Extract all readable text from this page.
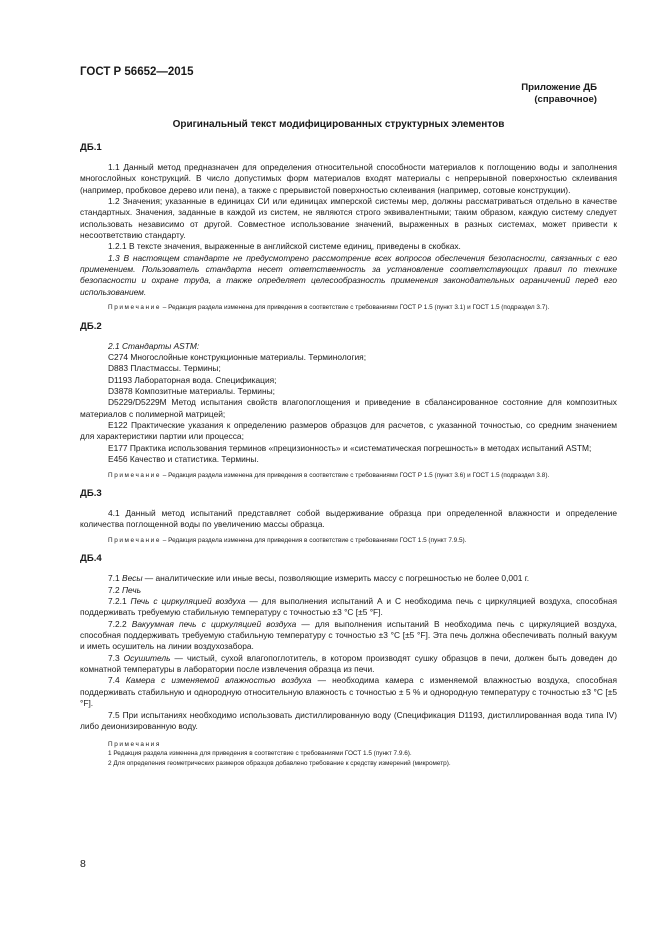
ГОСТ Р 56652—2015
Приложение ДБ
(справочное)
Оригинальный текст модифицированных структурных элементов
ДБ.1

1.1 Данный метод предназначен для определения относительной способности материалов к поглощению воды и заполнения многослойных конструкций. В число допустимых форм материалов входят материалы с непрерывной поверхностью склеивания (например, пробковое дерево или пена), а также с прерывистой поверхностью склеивания (например, сотовые конструкции).

1.2 Значения; указанные в единицах СИ или единицах имперской системы мер, должны рассматриваться отдельно в качестве стандартных. Значения, заданные в каждой из систем, не являются строго эквивалентными; таким образом, каждую систему следует использовать независимо от другой. Совместное использование значений, выраженных в разных системах, может привести к несоответствию стандарту.

1.2.1 В тексте значения, выраженные в английской системе единиц, приведены в скобках.

1.3 В настоящем стандарте не предусмотрено рассмотрение всех вопросов обеспечения безопасности, связанных с его применением. Пользователь стандарта несет ответственность за установление соответствующих правил по технике безопасности и охране труда, а также определяет целесообразность применения законодательных ограничений перед его использованием.

Примечание – Редакция раздела изменена для приведения в соответствие с требованиями ГОСТ Р 1.5 (пункт 3.1) и ГОСТ 1.5 (подраздел 3.7).

ДБ.2

2.1 Стандарты ASTM:

C274 Многослойные конструкционные материалы. Терминология;

D883 Пластмассы. Термины;

D1193 Лабораторная вода. Спецификация;

D3878 Композитные материалы. Термины;

D5229/D5229M Метод испытания свойств влагопоглощения и приведение в сбалансированное состояние для композитных материалов с полимерной матрицей;

E122 Практические указания к определению размеров образцов для расчетов, с указанной точностью, со средним значением для характеристики партии или процесса;

E177 Практика использования терминов «прецизионность» и «систематическая погрешность» в методах испытаний ASTM;

E456 Качество и статистика. Термины.

Примечание – Редакция раздела изменена для приведения в соответствие с требованиями ГОСТ Р 1.5 (пункт 3.6) и ГОСТ 1.5 (подраздел 3.8).

ДБ.3

4.1 Данный метод испытаний представляет собой выдерживание образца при определенной влажности и определение количества поглощенной воды по увеличению массы образца.

Примечание – Редакция раздела изменена для приведения в соответствие с требованиями ГОСТ 1.5 (пункт 7.9.5).

ДБ.4

7.1 Весы — аналитические или иные весы, позволяющие измерить массу с погрешностью не более 0,001 г.

7.2 Печь

7.2.1 Печь с циркуляцией воздуха — для выполнения испытаний А и С необходима печь с циркуляцией воздуха, способная поддерживать требуемую стабильную температуру с точностью ±3 °С [±5 °F].

7.2.2 Вакуумная печь с циркуляцией воздуха — для выполнения испытаний В необходима печь с циркуляцией воздуха, способная поддерживать требуемую стабильную температуру с точностью ±3 °С [±5 °F]. Эта печь должна обеспечивать полный вакуум и иметь осушитель на линии воздухозабора.

7.3 Осушитель — чистый, сухой влагопоглотитель, в котором производят сушку образцов в печи, должен быть доведен до комнатной температуры в лаборатории после извлечения образца из печи.

7.4 Камера с изменяемой влажностью воздуха — необходима камера с изменяемой влажностью воздуха, способная поддерживать стабильную и однородную относительную влажность с точностью ± 5 % и однородную температуру с точностью ±3 °С [±5 °F].

7.5 При испытаниях необходимо использовать дистиллированную воду (Спецификация D1193, дистиллированная вода типа IV) либо деионизированную воду.

Примечания

1 Редакция раздела изменена для приведения в соответствие с требованиями ГОСТ 1.5 (пункт 7.9.6).

2 Для определения геометрических размеров образцов добавлено требование к средству измерений (микрометр).

8
